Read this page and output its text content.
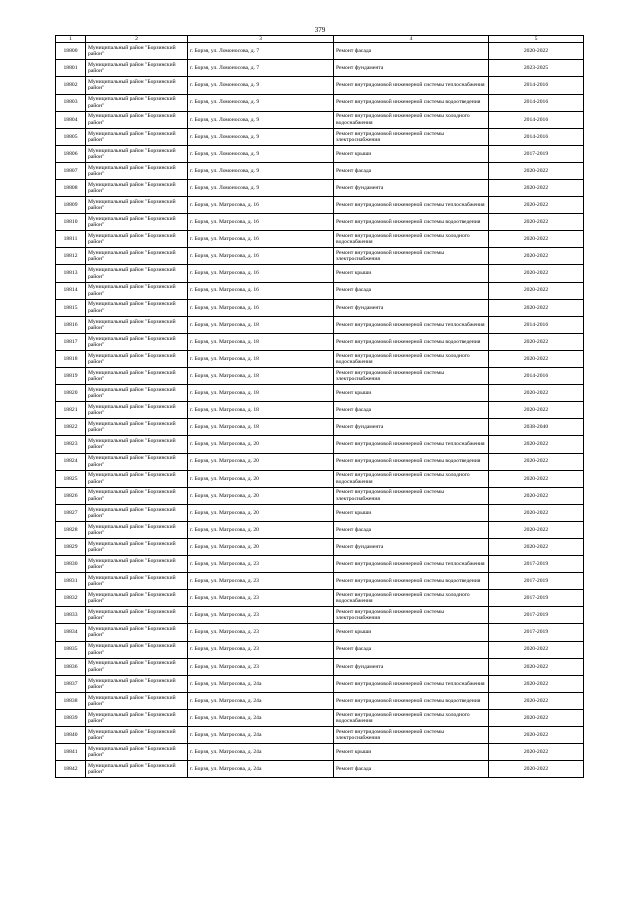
379
1	2	3	4	5
18800	Муниципальный район "Борзинский район"	г. Борзя, ул. Ломоносова, д. 7	Ремонт фасада	2020-2022
18801	Муниципальный район "Борзинский район"	г. Борзя, ул. Ломоносова, д. 7	Ремонт фундамента	2023-2025
18802	Муниципальный район "Борзинский район"	г. Борзя, ул. Ломоносова, д. 9	Ремонт внутридомовой инженерной системы теплоснабжения	2014-2016
18803	Муниципальный район "Борзинский район"	г. Борзя, ул. Ломоносова, д. 9	Ремонт внутридомовой инженерной системы водоотведения	2014-2016
18804	Муниципальный район "Борзинский район"	г. Борзя, ул. Ломоносова, д. 9	Ремонт внутридомовой инженерной системы холодного водоснабжения	2014-2016
18805	Муниципальный район "Борзинский район"	г. Борзя, ул. Ломоносова, д. 9	Ремонт внутридомовой инженерной системы электроснабжения	2014-2016
18806	Муниципальный район "Борзинский район"	г. Борзя, ул. Ломоносова, д. 9	Ремонт крыши	2017-2019
18807	Муниципальный район "Борзинский район"	г. Борзя, ул. Ломоносова, д. 9	Ремонт фасада	2020-2022
18808	Муниципальный район "Борзинский район"	г. Борзя, ул. Ломоносова, д. 9	Ремонт фундамента	2020-2022
18809	Муниципальный район "Борзинский район"	г. Борзя, ул. Матросова, д. 16	Ремонт внутридомовой инженерной системы теплоснабжения	2020-2022
18810	Муниципальный район "Борзинский район"	г. Борзя, ул. Матросова, д. 16	Ремонт внутридомовой инженерной системы водоотведения	2020-2022
18811	Муниципальный район "Борзинский район"	г. Борзя, ул. Матросова, д. 16	Ремонт внутридомовой инженерной системы холодного водоснабжения	2020-2022
18812	Муниципальный район "Борзинский район"	г. Борзя, ул. Матросова, д. 16	Ремонт внутридомовой инженерной системы электроснабжения	2020-2022
18813	Муниципальный район "Борзинский район"	г. Борзя, ул. Матросова, д. 16	Ремонт крыши	2020-2022
18814	Муниципальный район "Борзинский район"	г. Борзя, ул. Матросова, д. 16	Ремонт фасада	2020-2022
18815	Муниципальный район "Борзинский район"	г. Борзя, ул. Матросова, д. 16	Ремонт фундамента	2020-2022
18816	Муниципальный район "Борзинский район"	г. Борзя, ул. Матросова, д. 18	Ремонт внутридомовой инженерной системы теплоснабжения	2014-2016
18817	Муниципальный район "Борзинский район"	г. Борзя, ул. Матросова, д. 18	Ремонт внутридомовой инженерной системы водоотведения	2020-2022
18818	Муниципальный район "Борзинский район"	г. Борзя, ул. Матросова, д. 18	Ремонт внутридомовой инженерной системы холодного водоснабжения	2020-2022
18819	Муниципальный район "Борзинский район"	г. Борзя, ул. Матросова, д. 18	Ремонт внутридомовой инженерной системы электроснабжения	2014-2016
18820	Муниципальный район "Борзинский район"	г. Борзя, ул. Матросова, д. 18	Ремонт крыши	2020-2022
18821	Муниципальный район "Борзинский район"	г. Борзя, ул. Матросова, д. 18	Ремонт фасада	2020-2022
18822	Муниципальный район "Борзинский район"	г. Борзя, ул. Матросова, д. 18	Ремонт фундамента	2038-2040
18823	Муниципальный район "Борзинский район"	г. Борзя, ул. Матросова, д. 20	Ремонт внутридомовой инженерной системы теплоснабжения	2020-2022
18824	Муниципальный район "Борзинский район"	г. Борзя, ул. Матросова, д. 20	Ремонт внутридомовой инженерной системы водоотведения	2020-2022
18825	Муниципальный район "Борзинский район"	г. Борзя, ул. Матросова, д. 20	Ремонт внутридомовой инженерной системы холодного водоснабжения	2020-2022
18826	Муниципальный район "Борзинский район"	г. Борзя, ул. Матросова, д. 20	Ремонт внутридомовой инженерной системы электроснабжения	2020-2022
18827	Муниципальный район "Борзинский район"	г. Борзя, ул. Матросова, д. 20	Ремонт крыши	2020-2022
18828	Муниципальный район "Борзинский район"	г. Борзя, ул. Матросова, д. 20	Ремонт фасада	2020-2022
18829	Муниципальный район "Борзинский район"	г. Борзя, ул. Матросова, д. 20	Ремонт фундамента	2020-2022
18830	Муниципальный район "Борзинский район"	г. Борзя, ул. Матросова, д. 23	Ремонт внутридомовой инженерной системы теплоснабжения	2017-2019
18831	Муниципальный район "Борзинский район"	г. Борзя, ул. Матросова, д. 23	Ремонт внутридомовой инженерной системы водоотведения	2017-2019
18832	Муниципальный район "Борзинский район"	г. Борзя, ул. Матросова, д. 23	Ремонт внутридомовой инженерной системы холодного водоснабжения	2017-2019
18833	Муниципальный район "Борзинский район"	г. Борзя, ул. Матросова, д. 23	Ремонт внутридомовой инженерной системы электроснабжения	2017-2019
18834	Муниципальный район "Борзинский район"	г. Борзя, ул. Матросова, д. 23	Ремонт крыши	2017-2019
18835	Муниципальный район "Борзинский район"	г. Борзя, ул. Матросова, д. 23	Ремонт фасада	2020-2022
18836	Муниципальный район "Борзинский район"	г. Борзя, ул. Матросова, д. 23	Ремонт фундамента	2020-2022
18837	Муниципальный район "Борзинский район"	г. Борзя, ул. Матросова, д. 24а	Ремонт внутридомовой инженерной системы теплоснабжения	2020-2022
18838	Муниципальный район "Борзинский район"	г. Борзя, ул. Матросова, д. 24а	Ремонт внутридомовой инженерной системы водоотведения	2020-2022
18839	Муниципальный район "Борзинский район"	г. Борзя, ул. Матросова, д. 24а	Ремонт внутридомовой инженерной системы холодного водоснабжения	2020-2022
18840	Муниципальный район "Борзинский район"	г. Борзя, ул. Матросова, д. 24а	Ремонт внутридомовой инженерной системы электроснабжения	2020-2022
18841	Муниципальный район "Борзинский район"	г. Борзя, ул. Матросова, д. 24а	Ремонт крыши	2020-2022
18842	Муниципальный район "Борзинский район"	г. Борзя, ул. Матросова, д. 24а	Ремонт фасада	2020-2022
